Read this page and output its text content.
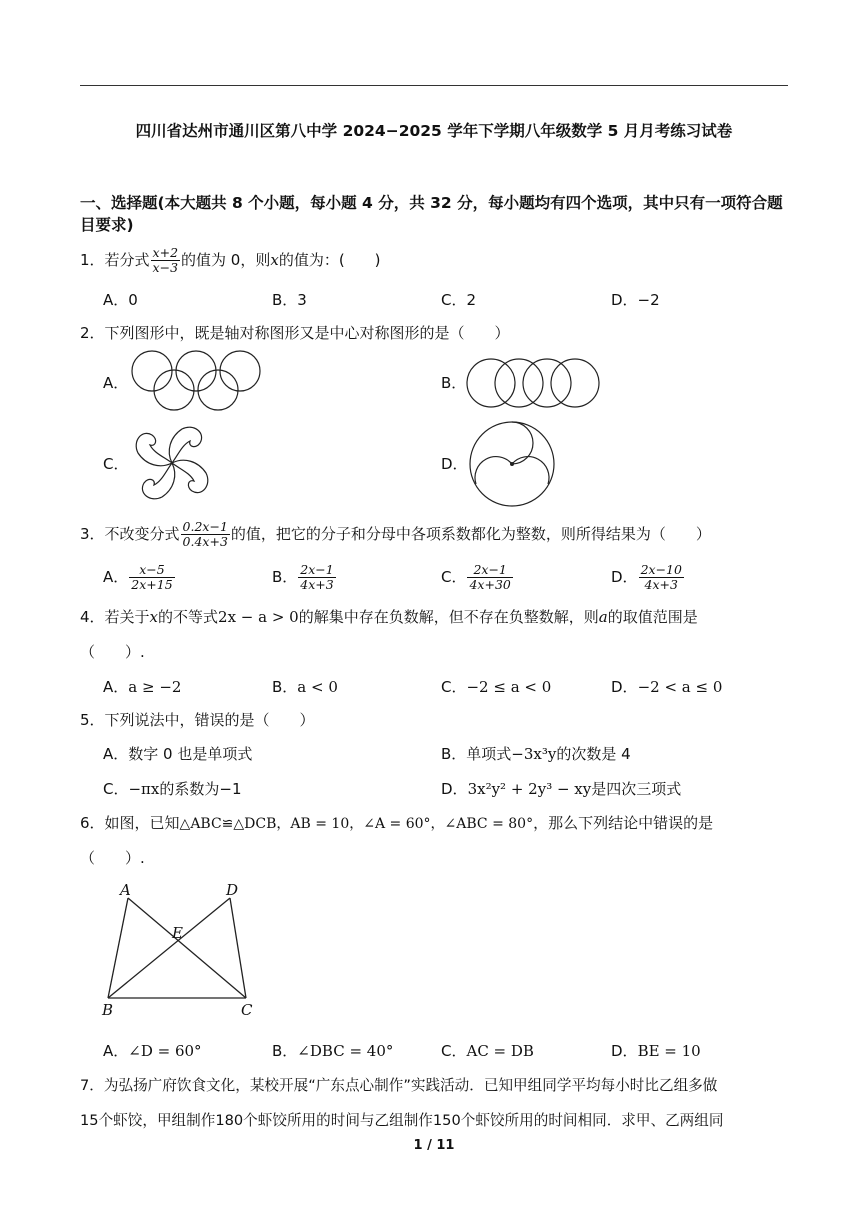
四川省达州市通川区第八中学 2024−2025 学年下学期八年级数学 5 月月考练习试卷
一、选择题(本大题共 8 个小题，每小题 4 分，共 32 分，每小题均有四个选项，其中只有一项符合题目要求)
1．若分式 $\frac{x+2}{x-3}$ 的值为 0，则x的值为：(　　)
A．0	B．3	C．2	D．−2
2．下列图形中，既是轴对称图形又是中心对称图形的是（　　）
A．	B．
C．	D．
3．不改变分式 $\frac{0.2x-1}{0.4x+3}$ 的值，把它的分子和分母中各项系数都化为整数，则所得结果为（　　）
A． $\frac{x-5}{2x+15}$	B． $\frac{2x-1}{4x+3}$	C． $\frac{2x-1}{4x+30}$	D． $\frac{2x-10}{4x+3}$
4．若关于x的不等式2x − a > 0的解集中存在负数解，但不存在负整数解，则a的取值范围是
（　　）.
A．a ≥ −2	B．a < 0	C．−2 ≤ a < 0	D．−2 < a ≤ 0
5．下列说法中，错误的是（　　）
A．数字 0 也是单项式	B．单项式−3x³y的次数是 4
C．−πx的系数为−1	D．3x²y² + 2y³ − xy是四次三项式
6．如图，已知△ABC≌△DCB，AB = 10，∠A = 60°，∠ABC = 80°，那么下列结论中错误的是
（　　）.
A	D
E
B	C
A．∠D = 60°	B．∠DBC = 40°	C．AC = DB	D．BE = 10
7．为弘扬广府饮食文化，某校开展“广东点心制作”实践活动．已知甲组同学平均每小时比乙组多做
15个虾饺，甲组制作180个虾饺所用的时间与乙组制作150个虾饺所用的时间相同．求甲、乙两组同
1 / 11
